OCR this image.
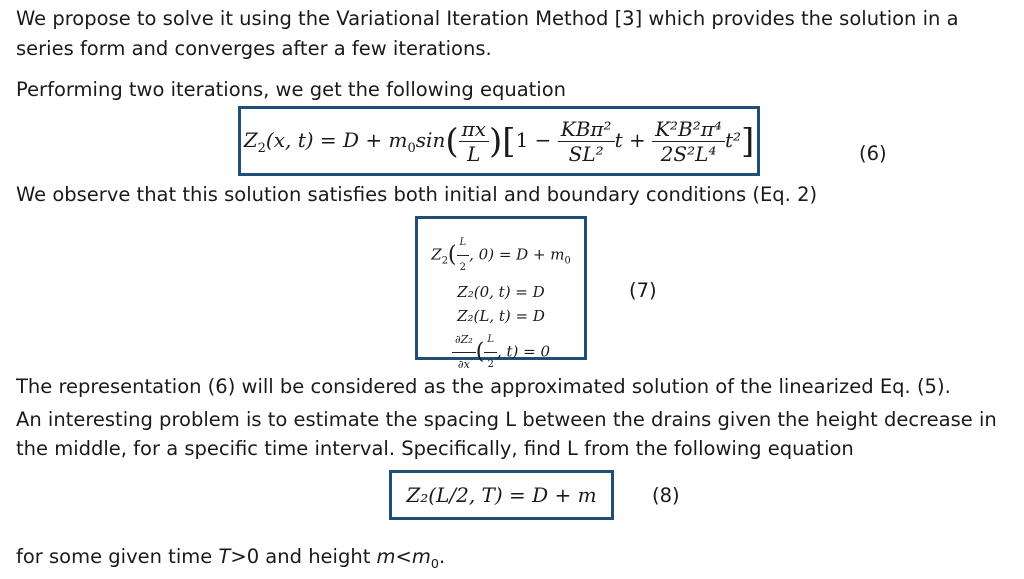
We propose to solve it using the Variational Iteration Method [3] which provides the solution in a
series form and converges after a few iterations.
Performing two iterations, we get the following equation
$Z_2(x$, $t) = D + m_0\sin( \frac{\pi x}{L} )[1 - \frac{\text{KBπ²}}{\text{SL²}}$ $t + \frac{\text{K²B²π⁴}}{\text{2S²L⁴}} t^2$]	(6)
We observe that this solution satisfies both initial and boundary conditions (Eq. 2)
$Z_2( \frac{L}{2}$ , $0) = D + m_0$
Z₂(0, t) = D
Z₂(L, t) = D
$\frac{\text{∂Z₂}}{\partial x}$ ( $\frac{L}{2}$ , t) = 0
(7)
The representation (6) will be considered as the approximated solution of the linearized Eq. (5).
An interesting problem is to estimate the spacing L between the drains given the height decrease in
the middle, for a specific time interval. Specifically, find L from the following equation
Z₂(L/2, T) = D + m	(8)
for some given time T>0 and height $m<m_0$.
